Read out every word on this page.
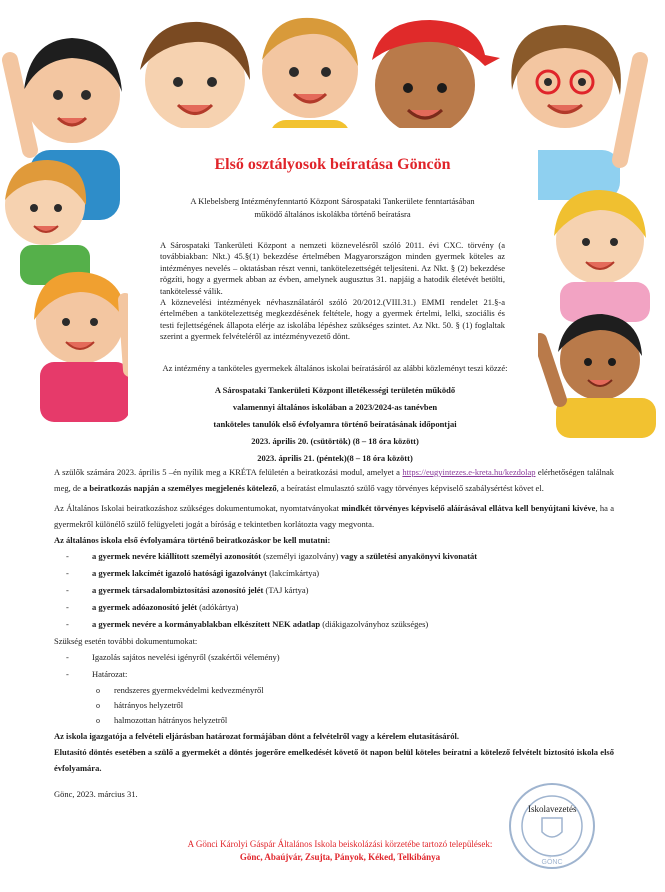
Első osztályosok beíratása Göncön
A Klebelsberg Intézményfenntartó Központ Sárospataki Tankerülete fenntartásában
működő általános iskolákba történő beíratásra

A Sárospataki Tankerületi Központ a nemzeti köznevelésről szóló 2011. évi CXC. törvény (a továbbiakban: Nkt.) 45.§(1) bekezdése értelmében Magyarországon minden gyermek köteles az intézményes nevelés – oktatásban részt venni, tankötelezettségét teljesíteni. Az Nkt. § (2) bekezdése rögzíti, hogy a gyermek abban az évben, amelynek augusztus 31. napjáig a hatodik életévét betölti, tankötelessé válik.

A köznevelési intézmények névhasználatáról szóló 20/2012.(VIII.31.) EMMI rendelet 21.§-a értelmében a tankötelezettség megkezdésének feltétele, hogy a gyermek értelmi, lelki, szociális és testi fejlettségének állapota elérje az iskolába lépéshez szükséges szintet. Az Nkt. 50. § (1) foglaltak szerint a gyermek felvételéről az intézményvezető dönt.

Az intézmény a tanköteles gyermekek általános iskolai beíratásáról az alábbi közleményt teszi közzé:
A Sárospataki Tankerületi Központ illetékességi területén működő
valamennyi általános iskolában a 2023/2024-as tanévben
tanköteles tanulók első évfolyamra történő beíratásának időpontjai
2023. április 20. (csütörtök) (8 – 18 óra között)
2023. április 21. (péntek)(8 – 18 óra között)

A szülők számára 2023. április 5 –én nyílik meg a KRÉTA felületén a beiratkozási modul, amelyet a https://eugyintezes.e-kreta.hu/kezdolap elérhetőségen találnak meg, de a beiratkozás napján a személyes megjelenés kötelező, a beíratást elmulasztó szülő vagy törvényes képviselő szabálysértést követ el.

Az Általános Iskolai beiratkozáshoz szükséges dokumentumokat, nyomtatványokat mindkét törvényes képviselő aláírásával ellátva kell benyújtani kivéve, ha a gyermekről különélő szülő felügyeleti jogát a bíróság e tekintetben korlátozta vagy megvonta.

Az általános iskola első évfolyamára történő beiratkozáskor be kell mutatni:

- a gyermek nevére kiállított személyi azonosítót (személyi igazolvány) vagy a születési anyakönyvi kivonatát
- a gyermek lakcímét igazoló hatósági igazolványt (lakcímkártya)
- a gyermek társadalombiztosítási azonosító jelét (TAJ kártya)
- a gyermek adóazonosító jelét (adókártya)
- a gyermek nevére a kormányablakban elkészített NEK adatlap (diákigazolványhoz szükséges)

Szükség esetén további dokumentumokat:

- Igazolás sajátos nevelési igényről (szakértői vélemény)
- Határozat:
o rendszeres gyermekvédelmi kedvezményről
o hátrányos helyzetről
o halmozottan hátrányos helyzetről

Az iskola igazgatója a felvételi eljárásban határozat formájában dönt a felvételről vagy a kérelem elutasításáról.

Elutasító döntés esetében a szülő a gyermekét a döntés jogerőre emelkedését követő öt napon belül köteles beíratni a kötelező felvételt biztosító iskola első évfolyamára.

Gönc, 2023. március 31.

GÖNC
Iskolavezetés
A Gönci Károlyi Gáspár Általános Iskola beiskolázási körzetébe tartozó települések:
Gönc, Abaújvár, Zsujta, Pányok, Kéked, Telkibánya
